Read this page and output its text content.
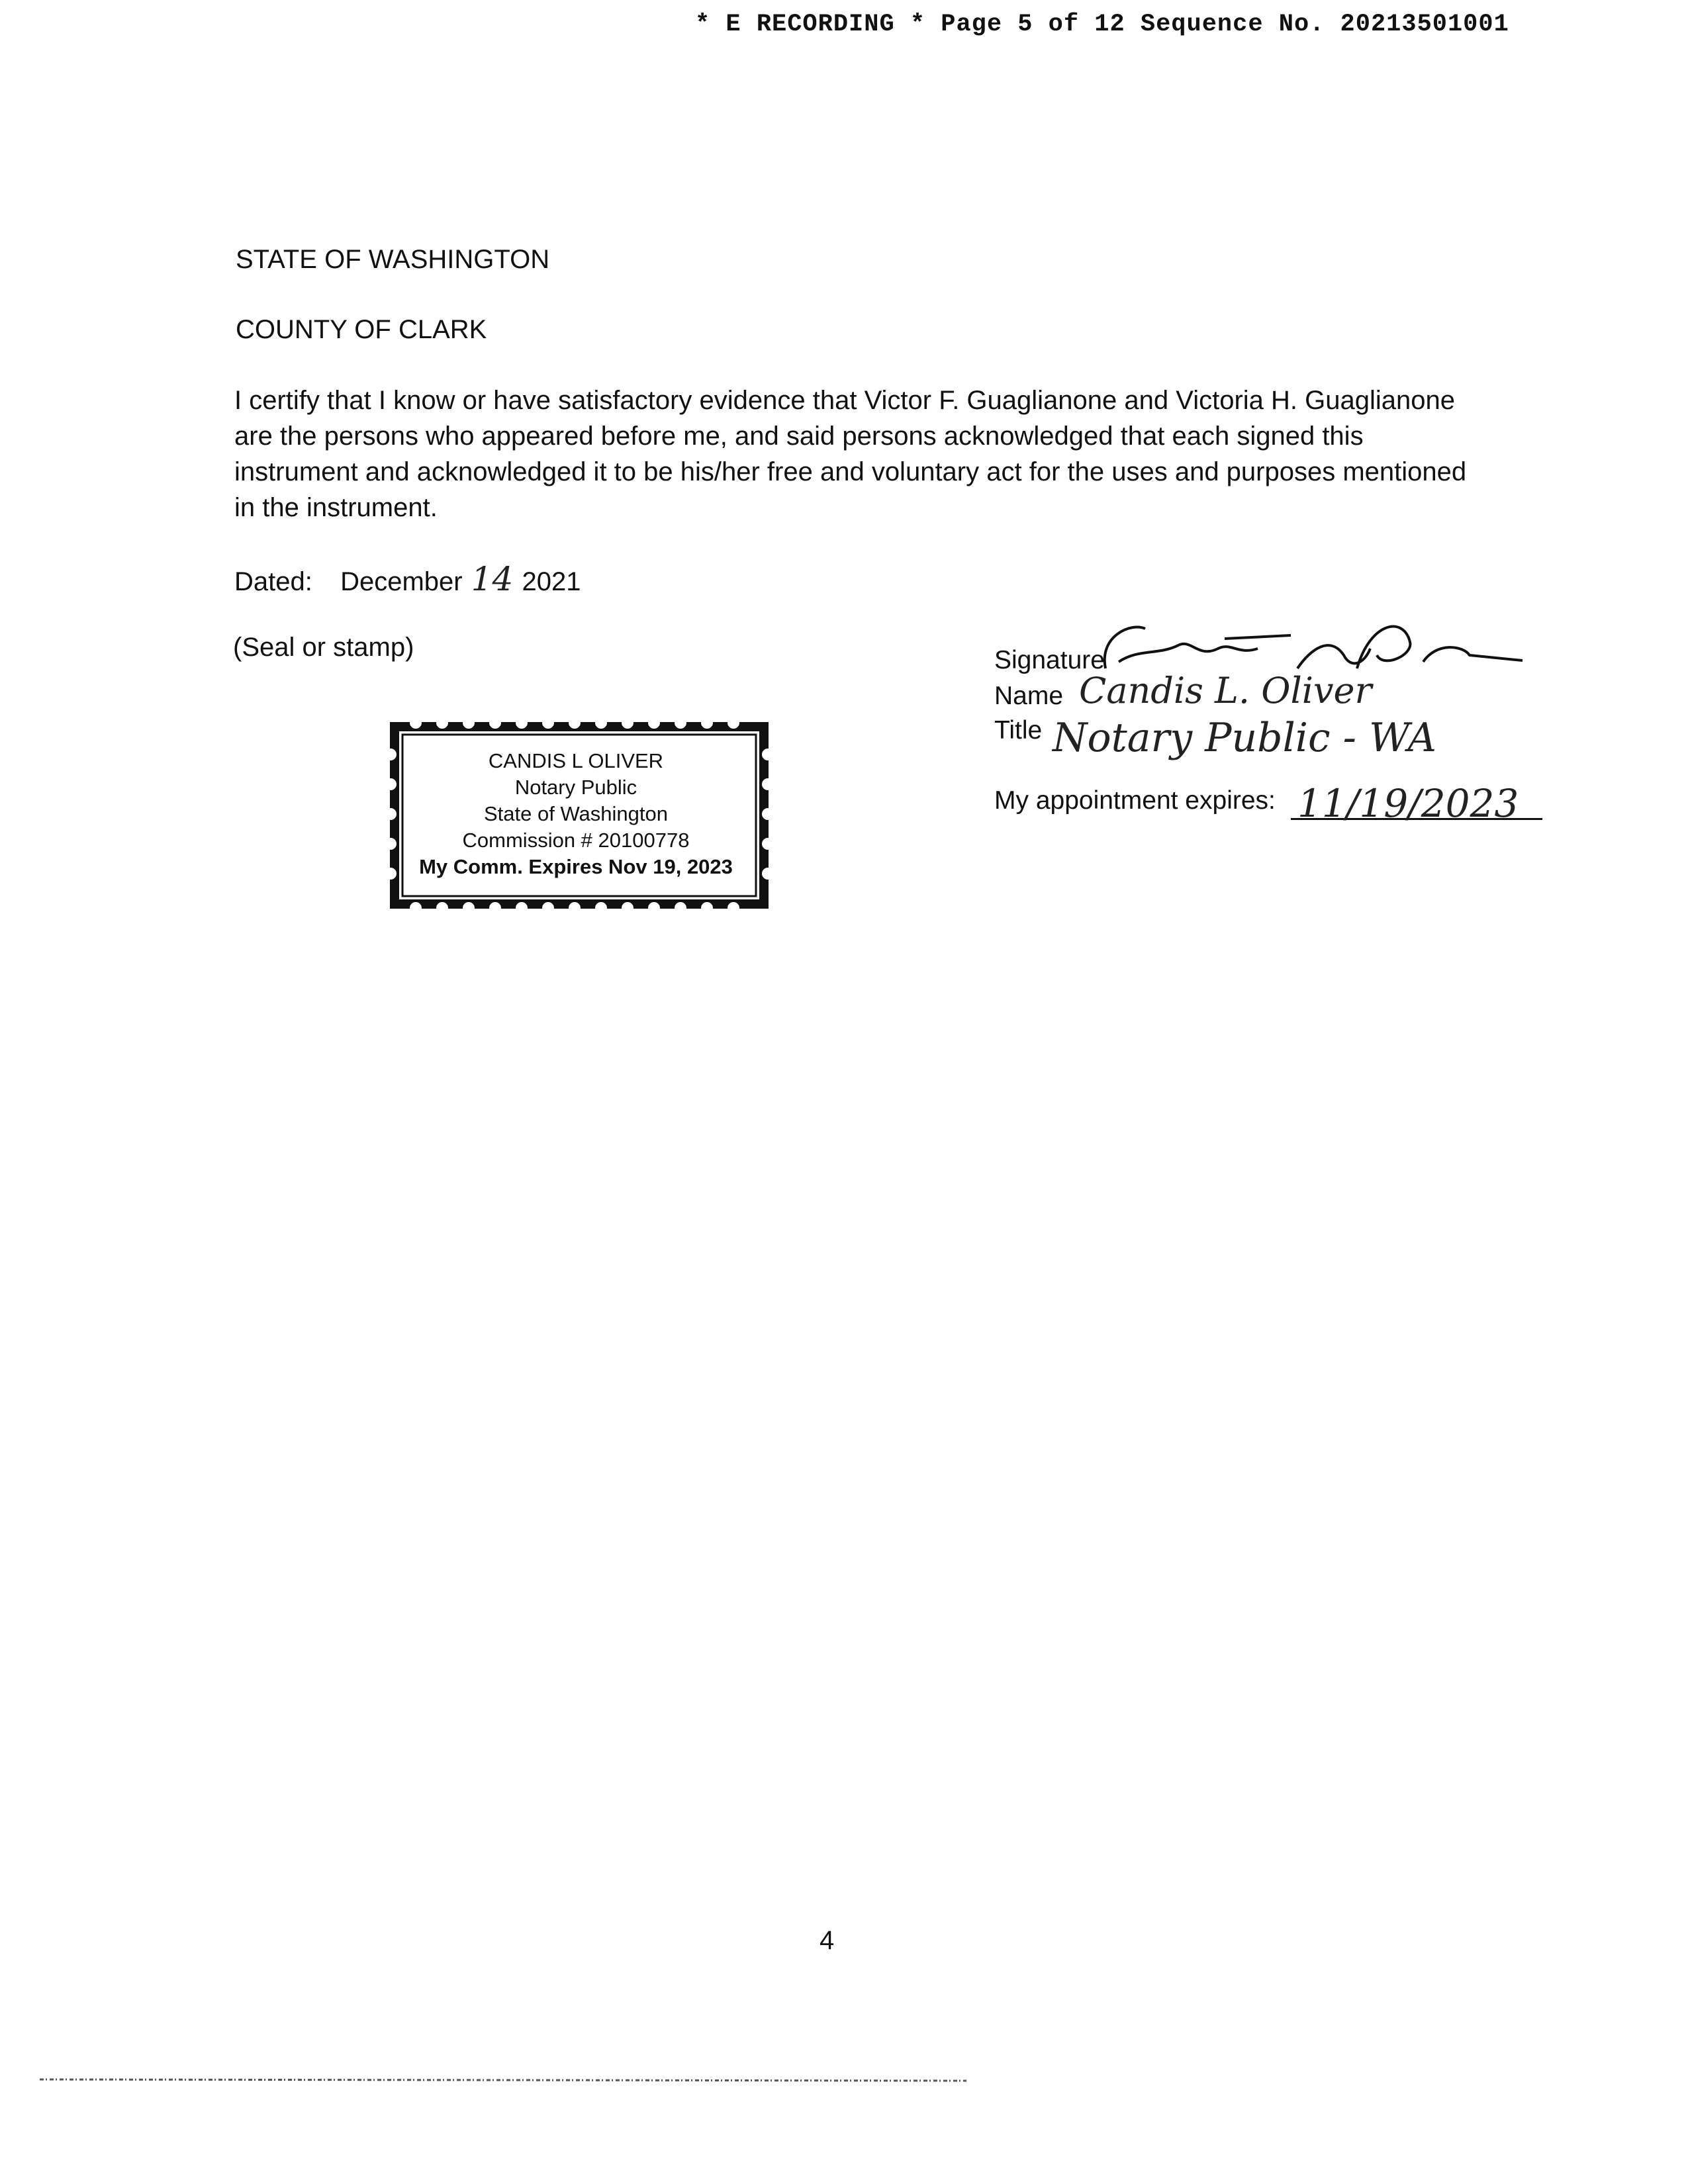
* E RECORDING * Page 5 of 12 Sequence No. 20213501001
STATE OF WASHINGTON
COUNTY OF CLARK
I certify that I know or have satisfactory evidence that Victor F. Guaglianone and Victoria H. Guaglianone are the persons who appeared before me, and said persons acknowledged that each signed this instrument and acknowledged it to be his/her free and voluntary act for the uses and purposes mentioned in the instrument.
Dated: December 14 2021
(Seal or stamp)
CANDIS L OLIVER
Notary Public
State of Washington
Commission # 20100778
My Comm. Expires Nov 19, 2023
Signature
Name Candis L. Oliver
Title Notary Public - WA
My appointment expires: 11/19/2023
4
